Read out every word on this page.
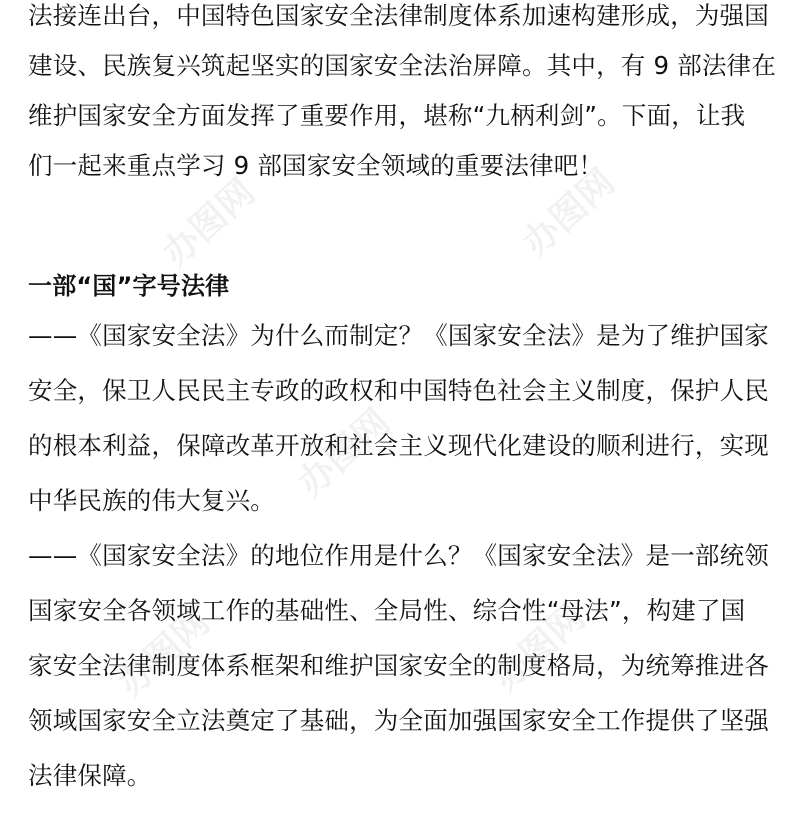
办图网	办图网
办图网
办图网	办图网
法接连出台，中国特色国家安全法律制度体系加速构建形成，为强国
建设、民族复兴筑起坚实的国家安全法治屏障。其中，有 9 部法律在
维护国家安全方面发挥了重要作用，堪称“九柄利剑”。下面，让我
们一起来重点学习 9 部国家安全领域的重要法律吧！
一部“国”字号法律
——《国家安全法》为什么而制定？《国家安全法》是为了维护国家
安全，保卫人民民主专政的政权和中国特色社会主义制度，保护人民
的根本利益，保障改革开放和社会主义现代化建设的顺利进行，实现
中华民族的伟大复兴。
——《国家安全法》的地位作用是什么？《国家安全法》是一部统领
国家安全各领域工作的基础性、全局性、综合性“母法”，构建了国
家安全法律制度体系框架和维护国家安全的制度格局，为统筹推进各
领域国家安全立法奠定了基础，为全面加强国家安全工作提供了坚强
法律保障。
